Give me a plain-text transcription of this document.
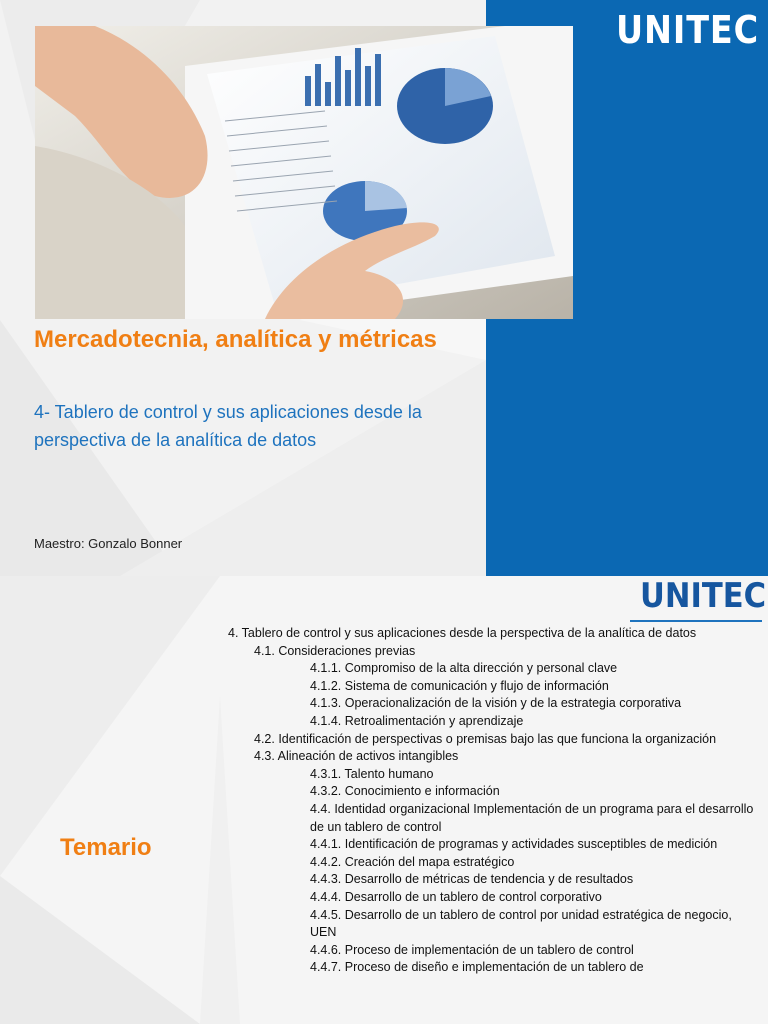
UNITEC
Mercadotecnia, analítica y métricas
4- Tablero de control y sus aplicaciones desde la perspectiva de la analítica de datos
Maestro: Gonzalo Bonner
UNITEC
Temario
4. Tablero de control y sus aplicaciones desde la perspectiva de la analítica de datos
4.1. Consideraciones previas
4.1.1. Compromiso de la alta dirección y personal clave
4.1.2. Sistema de comunicación y flujo de información
4.1.3. Operacionalización de la visión y de la estrategia corporativa
4.1.4. Retroalimentación y aprendizaje
4.2. Identificación de perspectivas o premisas bajo las que funciona la organización
4.3. Alineación de activos intangibles
4.3.1. Talento humano
4.3.2. Conocimiento e información
4.4. Identidad organizacional Implementación de un programa para el desarrollo de un tablero de control
4.4.1. Identificación de programas y actividades susceptibles de medición
4.4.2. Creación del mapa estratégico
4.4.3. Desarrollo de métricas de tendencia y de resultados
4.4.4. Desarrollo de un tablero de control corporativo
4.4.5. Desarrollo de un tablero de control por unidad estratégica de negocio, UEN
4.4.6. Proceso de implementación de un tablero de control
4.4.7. Proceso de diseño e implementación de un tablero de
